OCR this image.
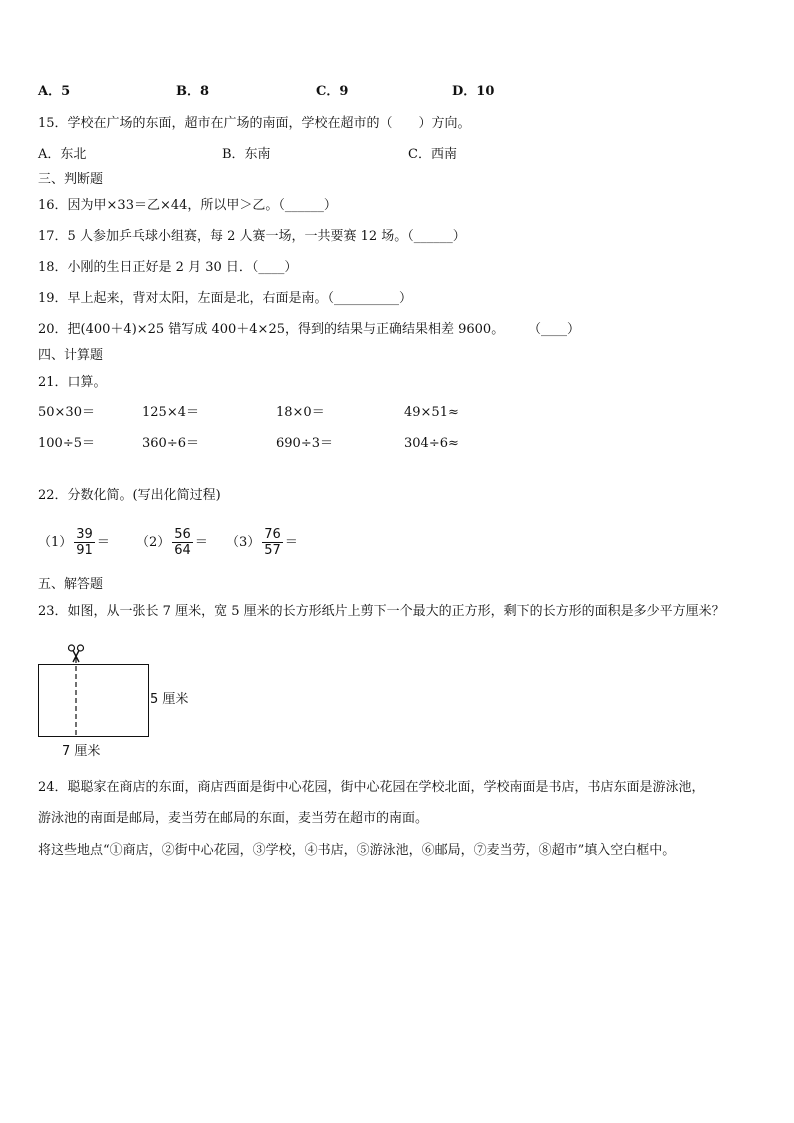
A．5	B．8	C．9	D．10
15．学校在广场的东面，超市在广场的南面，学校在超市的（　　）方向。
A．东北	B．东南	C．西南
三、判断题
16．因为甲×33＝乙×44，所以甲＞乙。（______）
17．5 人参加乒乓球小组赛，每 2 人赛一场，一共要赛 12 场。（______）
18．小刚的生日正好是 2 月 30 日．（____）
19．早上起来，背对太阳，左面是北，右面是南。（__________）
20．把(400＋4)×25 错写成 400＋4×25，得到的结果与正确结果相差 9600。 （____）
四、计算题
21．口算。
50×30＝	125×4＝	18×0＝	49×51≈
100÷5＝	360÷6＝	690÷3＝	304÷6≈
22．分数化简。(写出化简过程)
$(1) \frac{39}{91} = (2) \frac{56}{64} = (3) \frac{76}{57}$ ＝
五、解答题
23．如图，从一张长 7 厘米，宽 5 厘米的长方形纸片上剪下一个最大的正方形，剩下的长方形的面积是多少平方厘米？
5 厘米
7 厘米
24．聪聪家在商店的东面，商店西面是街中心花园，街中心花园在学校北面，学校南面是书店，书店东面是游泳池，
游泳池的南面是邮局，麦当劳在邮局的东面，麦当劳在超市的南面。
将这些地点“①商店，②街中心花园，③学校，④书店，⑤游泳池，⑥邮局，⑦麦当劳，⑧超市”填入空白框中。
